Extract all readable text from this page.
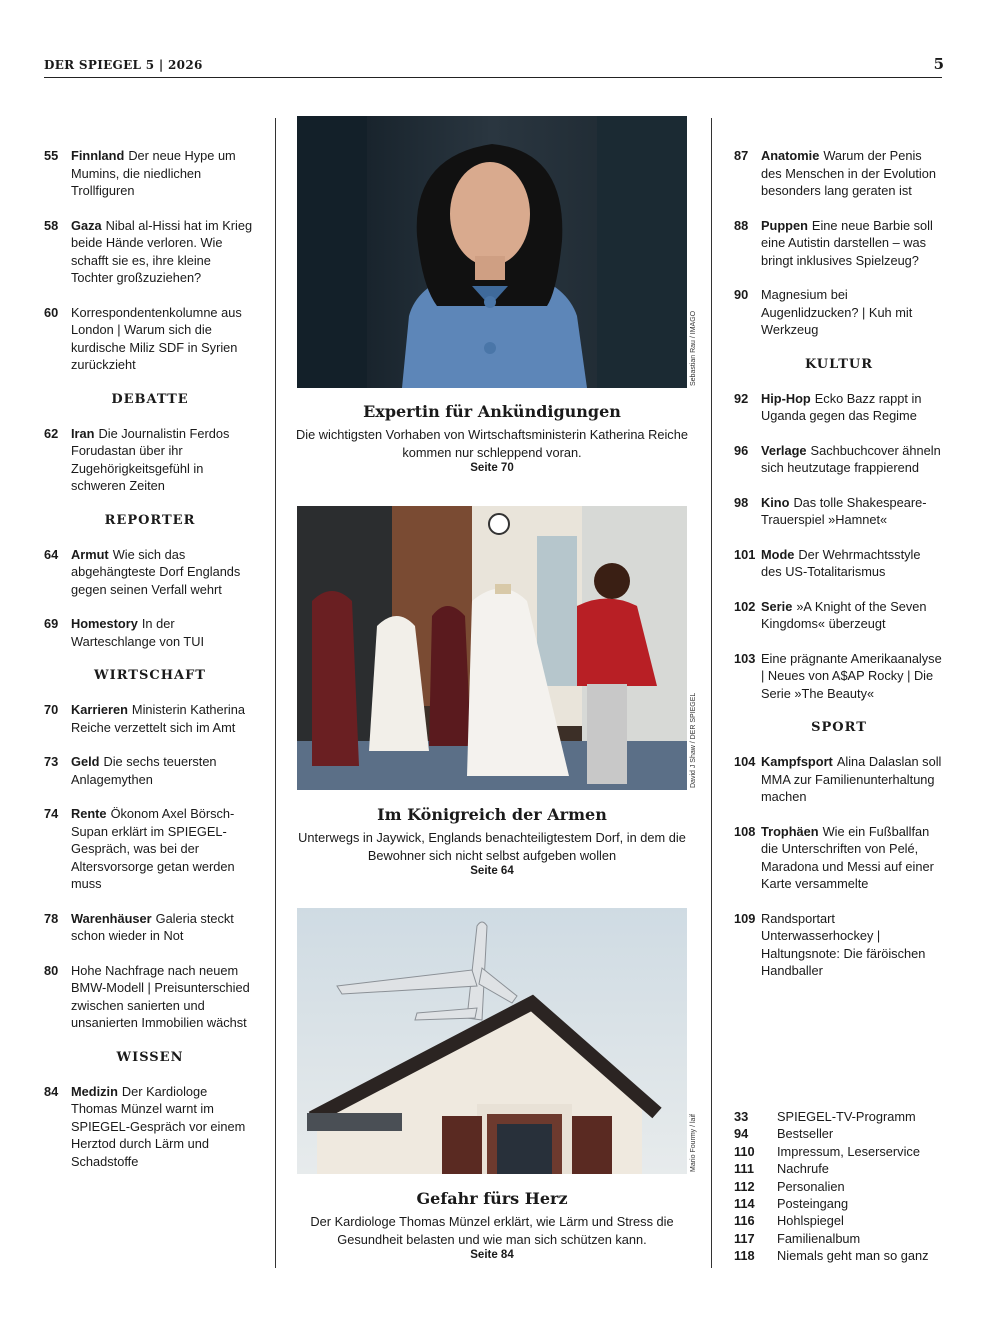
DER SPIEGEL 5 | 2026	5
55 Finnland Der neue Hype um Mumins, die niedlichen Trollfiguren
58 Gaza Nibal al-Hissi hat im Krieg beide Hände verloren. Wie schafft sie es, ihre kleine Tochter großzuziehen?
60 Korrespondentenkolumne aus London | Warum sich die kurdische Miliz SDF in Syrien zurückzieht
DEBATTE
62 Iran Die Journalistin Ferdos Forudastan über ihr Zugehörigkeitsgefühl in schweren Zeiten
REPORTER
64 Armut Wie sich das abgehängteste Dorf Englands gegen seinen Verfall wehrt
69 Homestory In der Warteschlange von TUI
WIRTSCHAFT
70 Karrieren Ministerin Katherina Reiche verzettelt sich im Amt
73 Geld Die sechs teuersten Anlagemythen
74 Rente Ökonom Axel Börsch-Supan erklärt im SPIEGEL-Gespräch, was bei der Altersvorsorge getan werden muss
78 Warenhäuser Galeria steckt schon wieder in Not
80 Hohe Nachfrage nach neuem BMW-Modell | Preisunterschied zwischen sanierten und unsanierten Immobilien wächst
WISSEN
84 Medizin Der Kardiologe Thomas Münzel warnt im SPIEGEL-Gespräch vor einem Herztod durch Lärm und Schadstoffe
87 Anatomie Warum der Penis des Menschen in der Evolution besonders lang geraten ist
88 Puppen Eine neue Barbie soll eine Autistin darstellen – was bringt inklusives Spielzeug?
90 Magnesium bei Augenlidzucken? | Kuh mit Werkzeug
KULTUR
92 Hip-Hop Ecko Bazz rappt in Uganda gegen das Regime
96 Verlage Sachbuchcover ähneln sich heutzutage frappierend
98 Kino Das tolle Shakespeare-Trauerspiel »Hamnet«
101 Mode Der Wehrmachtsstyle des US-Totalitarismus
102 Serie »A Knight of the Seven Kingdoms« überzeugt
103 Eine prägnante Amerikaanalyse | Neues von A$AP Rocky | Die Serie »The Beauty«
SPORT
104 Kampfsport Alina Dalaslan soll MMA zur Familienunterhaltung machen
108 Trophäen Wie ein Fußballfan die Unterschriften von Pelé, Maradona und Messi auf einer Karte versammelte
109 Randsportart Unterwasserhockey | Haltungsnote: Die färöischen Handballer
Sebastian Rau / IMAGO
Expertin für Ankündigungen
Die wichtigsten Vorhaben von Wirtschaftsministerin Katherina Reiche kommen nur schleppend voran.
Seite 70
David J Shaw / DER SPIEGEL
Im Königreich der Armen
Unterwegs in Jaywick, Englands benachteiligtestem Dorf, in dem die Bewohner sich nicht selbst aufgeben wollen
Seite 64
Mario Fourmy / laif
Gefahr fürs Herz
Der Kardiologe Thomas Münzel erklärt, wie Lärm und Stress die Gesundheit belasten und wie man sich schützen kann.
Seite 84
33	SPIEGEL-TV-Programm
94	Bestseller
110	Impressum, Leserservice
111	Nachrufe
112	Personalien
114	Posteingang
116	Hohlspiegel
117	Familienalbum
118	Niemals geht man so ganz
